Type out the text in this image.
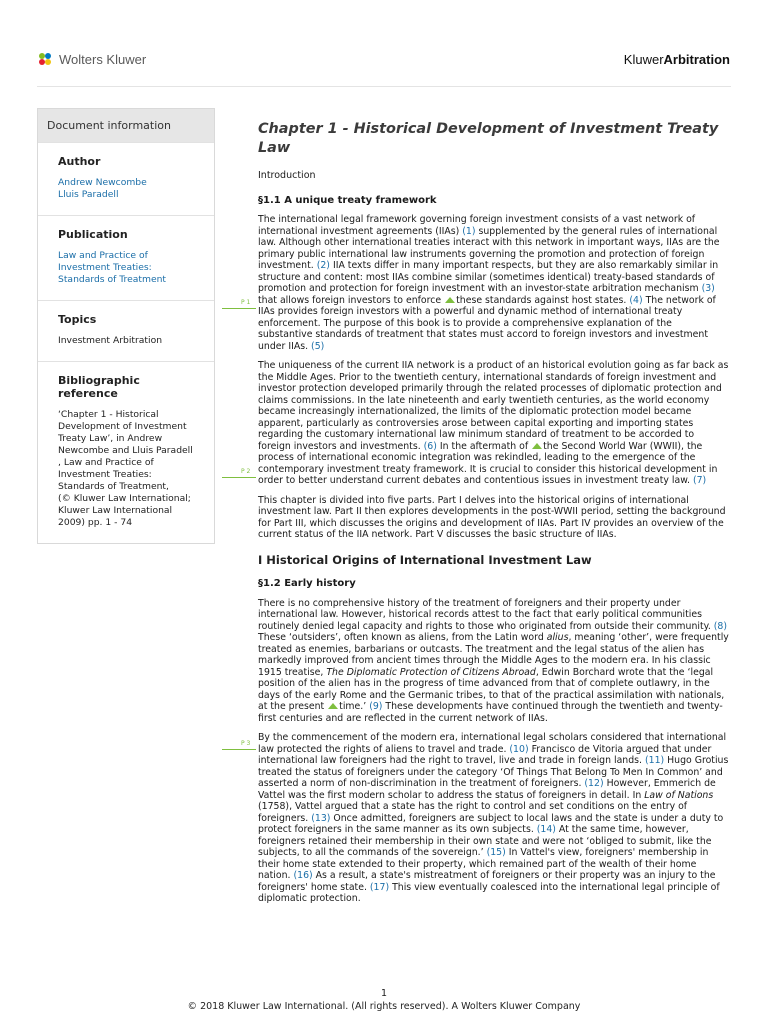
Wolters Kluwer	KluwerArbitration
Document information
Author
Andrew Newcombe
Lluis Paradell
Publication
Law and Practice of
Investment Treaties:
Standards of Treatment
Topics
Investment Arbitration
Bibliographic reference
‘Chapter 1 - Historical
Development of Investment
Treaty Law’, in Andrew
Newcombe and Lluis Paradell
, Law and Practice of
Investment Treaties:
Standards of Treatment,
(© Kluwer Law International;
Kluwer Law International
2009) pp. 1 - 74
P 1
P 2
P 3
Chapter 1 - Historical Development of Investment Treaty
Law
Introduction
§1.1 A unique treaty framework

The international legal framework governing foreign investment consists of a vast network of international investment agreements (IIAs) (1) supplemented by the general rules of international law. Although other international treaties interact with this network in important ways, IIAs are the primary public international law instruments governing the promotion and protection of foreign investment. (2) IIA texts differ in many important respects, but they are also remarkably similar in structure and content: most IIAs combine similar (sometimes identical) treaty-based standards of promotion and protection for foreign investment with an investor-state arbitration mechanism (3) that allows foreign investors to enforce these standards against host states. (4) The network of IIAs provides foreign investors with a powerful and dynamic method of international treaty enforcement. The purpose of this book is to provide a comprehensive explanation of the substantive standards of treatment that states must accord to foreign investors and investment under IIAs. (5)

The uniqueness of the current IIA network is a product of an historical evolution going as far back as the Middle Ages. Prior to the twentieth century, international standards of foreign investment and investor protection developed primarily through the related processes of diplomatic protection and claims commissions. In the late nineteenth and early twentieth centuries, as the world economy became increasingly internationalized, the limits of the diplomatic protection model became apparent, particularly as controversies arose between capital exporting and importing states regarding the customary international law minimum standard of treatment to be accorded to foreign investors and investments. (6) In the aftermath of the Second World War (WWII), the process of international economic integration was rekindled, leading to the emergence of the contemporary investment treaty framework. It is crucial to consider this historical development in order to better understand current debates and contentious issues in investment treaty law. (7)

This chapter is divided into five parts. Part I delves into the historical origins of international investment law. Part II then explores developments in the post-WWII period, setting the background for Part III, which discusses the origins and development of IIAs. Part IV provides an overview of the current status of the IIA network. Part V discusses the basic structure of IIAs.

I Historical Origins of International Investment Law
§1.2 Early history

There is no comprehensive history of the treatment of foreigners and their property under international law. However, historical records attest to the fact that early political communities routinely denied legal capacity and rights to those who originated from outside their community. (8) These ‘outsiders’, often known as aliens, from the Latin word alius, meaning ‘other’, were frequently treated as enemies, barbarians or outcasts. The treatment and the legal status of the alien has markedly improved from ancient times through the Middle Ages to the modern era. In his classic 1915 treatise, The Diplomatic Protection of Citizens Abroad, Edwin Borchard wrote that the ‘legal position of the alien has in the progress of time advanced from that of complete outlawry, in the days of the early Rome and the Germanic tribes, to that of the practical assimilation with nationals, at the present time.’ (9) These developments have continued through the twentieth and twenty-first centuries and are reflected in the current network of IIAs.

By the commencement of the modern era, international legal scholars considered that international law protected the rights of aliens to travel and trade. (10) Francisco de Vitoria argued that under international law foreigners had the right to travel, live and trade in foreign lands. (11) Hugo Grotius treated the status of foreigners under the category ‘Of Things That Belong To Men In Common’ and asserted a norm of non-discrimination in the treatment of foreigners. (12) However, Emmerich de Vattel was the first modern scholar to address the status of foreigners in detail. In Law of Nations (1758), Vattel argued that a state has the right to control and set conditions on the entry of foreigners. (13) Once admitted, foreigners are subject to local laws and the state is under a duty to protect foreigners in the same manner as its own subjects. (14) At the same time, however, foreigners retained their membership in their own state and were not ‘obliged to submit, like the subjects, to all the commands of the sovereign.’ (15) In Vattel's view, foreigners' membership in their home state extended to their property, which remained part of the wealth of their home nation. (16) As a result, a state's mistreatment of foreigners or their property was an injury to the foreigners' home state. (17) This view eventually coalesced into the international legal principle of diplomatic protection.

1
© 2018 Kluwer Law International. (All rights reserved). A Wolters Kluwer Company
